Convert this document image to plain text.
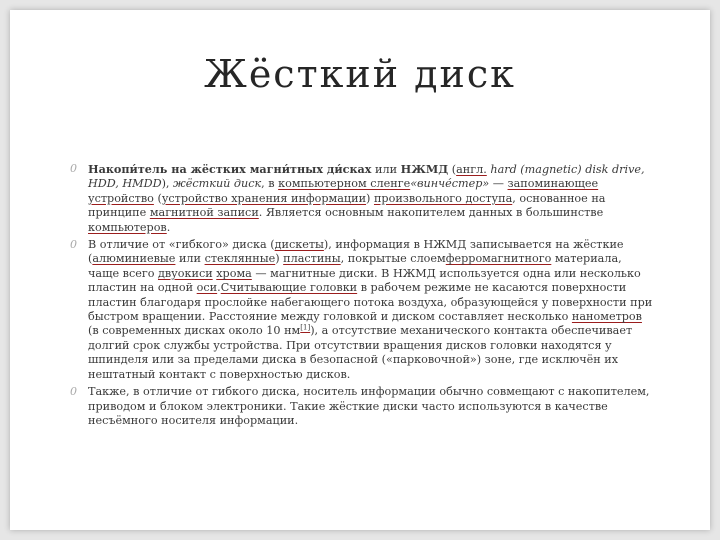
Жёсткий диск
0 Накопи́тель на жёстких магни́тных ди́сках или НЖМД (англ. hard (magnetic) disk drive, HDD, HMDD), жёсткий диск, в компьютерном сленге«винче́стер» — запоминающее устройство (устройство хранения информации) произвольного доступа, основанное на принципе магнитной записи. Является основным накопителем данных в большинстве компьютеров.
0 В отличие от «гибкого» диска (дискеты), информация в НЖМД записывается на жёсткие (алюминиевые или стеклянные) пластины, покрытые слоемферромагнитного материала, чаще всего двуокиси хрома — магнитные диски. В НЖМД используется одна или несколько пластин на одной оси.Считывающие головки в рабочем режиме не касаются поверхности пластин благодаря прослойке набегающего потока воздуха, образующейся у поверхности при быстром вращении. Расстояние между головкой и диском составляет несколько нанометров (в современных дисках около 10 нм[1]), а отсутствие механического контакта обеспечивает долгий срок службы устройства. При отсутствии вращения дисков головки находятся у шпинделя или за пределами диска в безопасной («парковочной») зоне, где исключён их нештатный контакт с поверхностью дисков.
0 Также, в отличие от гибкого диска, носитель информации обычно совмещают с накопителем, приводом и блоком электроники. Такие жёсткие диски часто используются в качестве несъёмного носителя информации.
